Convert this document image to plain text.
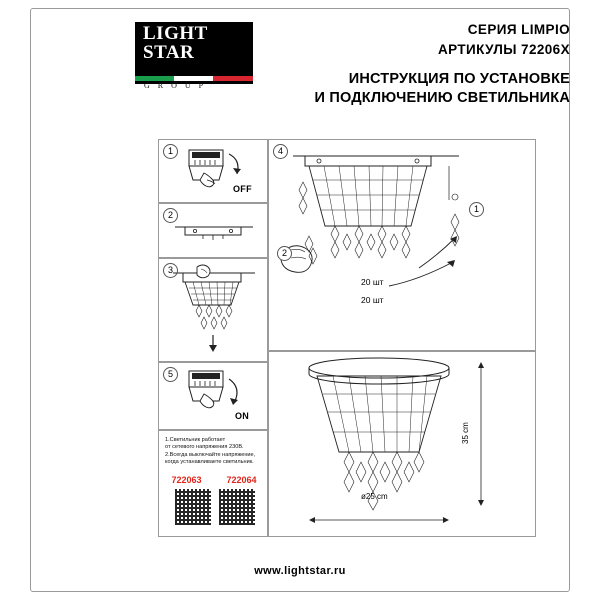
LIGHT
STAR
G R O U P
СЕРИЯ LIMPIO
АРТИКУЛЫ 72206X
ИНСТРУКЦИЯ ПО УСТАНОВКЕ
И ПОДКЛЮЧЕНИЮ СВЕТИЛЬНИКА
1
OFF
2
3
5
ON
1.Светильник работает
от сетевого напряжения 230В.
2.Всегда выключайте напряжение,
когда устанавливаете светильник.
722063	722064
4
1
2
20 шт
20 шт
35 cm
ø25 cm
www.lightstar.ru
